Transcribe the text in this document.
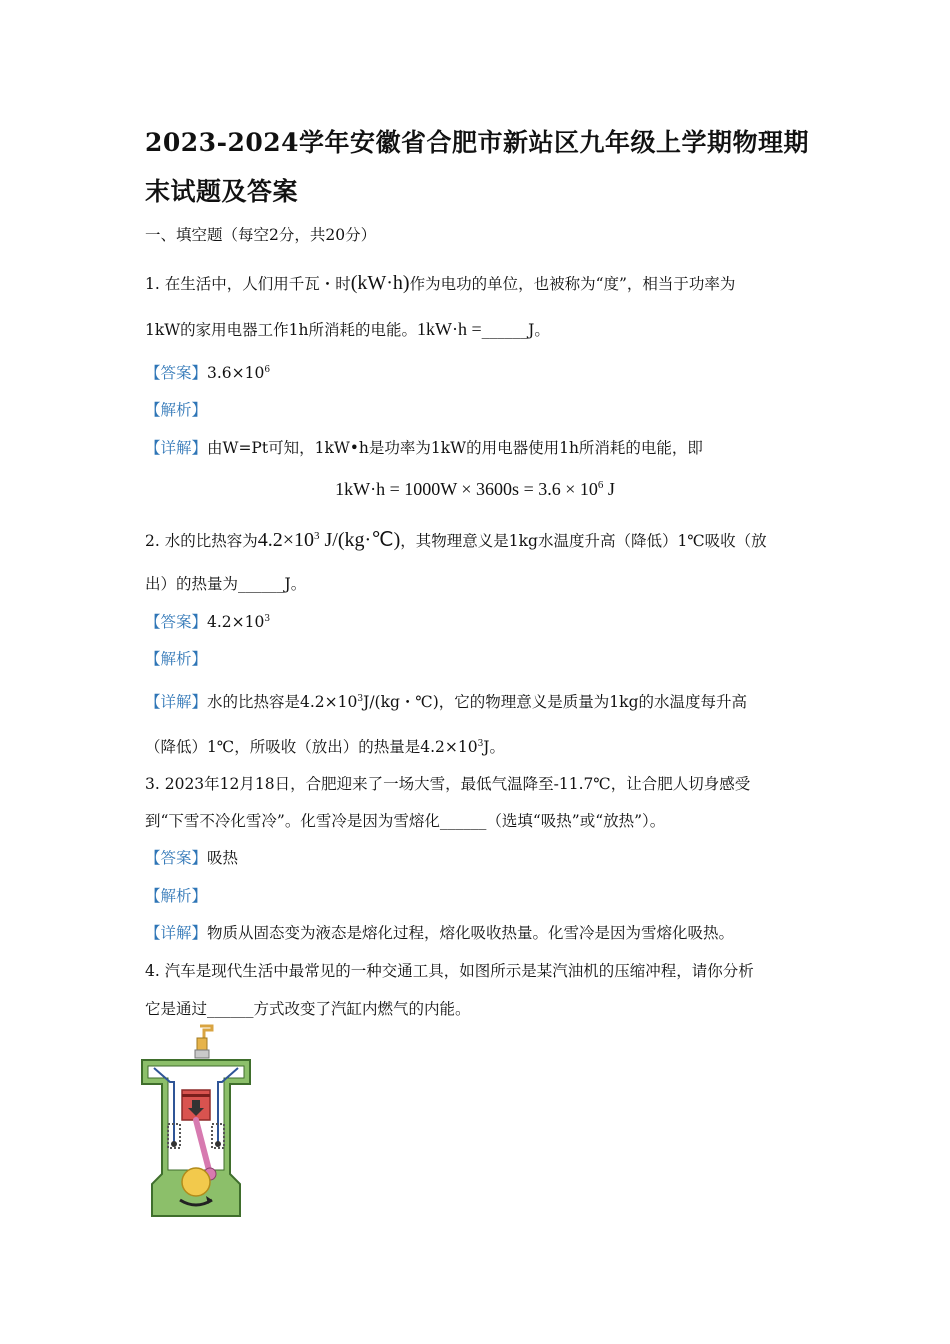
2023-2024学年安徽省合肥市新站区九年级上学期物理期末试题及答案
一、填空题（每空2分，共20分）
1. 在生活中，人们用千瓦・时(kW·h)作为电功的单位，也被称为“度”，相当于功率为
1kW的家用电器工作1h所消耗的电能。1kW·h =______J。
【答案】$3.6\times 10^6$
【解析】
【详解】由W=Pt可知，1kW•h是功率为1kW的用电器使用1h所消耗的电能，即
$1kW\cdot h = 1000W \times 3600s = 3.6 \times 10^6$ J
2. 水的比热容为$4.2\times 10^3$ J/(kg·℃)，其物理意义是1kg水温度升高（降低）1℃吸收（放
出）的热量为______J。
【答案】$4.2\times 10^3$
【解析】
【详解】水的比热容是$4.2\times 10^3J/(kg$・℃)，它的物理意义是质量为1kg的水温度每升高
（降低）1℃，所吸收（放出）的热量是$4.2\times 10^3J$。
3. 2023年12月18日，合肥迎来了一场大雪，最低气温降至-11.7℃，让合肥人切身感受
到“下雪不冷化雪冷”。化雪冷是因为雪熔化______（选填“吸热”或“放热”）。
【答案】吸热
【解析】
【详解】物质从固态变为液态是熔化过程，熔化吸收热量。化雪冷是因为雪熔化吸热。
4. 汽车是现代生活中最常见的一种交通工具，如图所示是某汽油机的压缩冲程，请你分析
它是通过______方式改变了汽缸内燃气的内能。
